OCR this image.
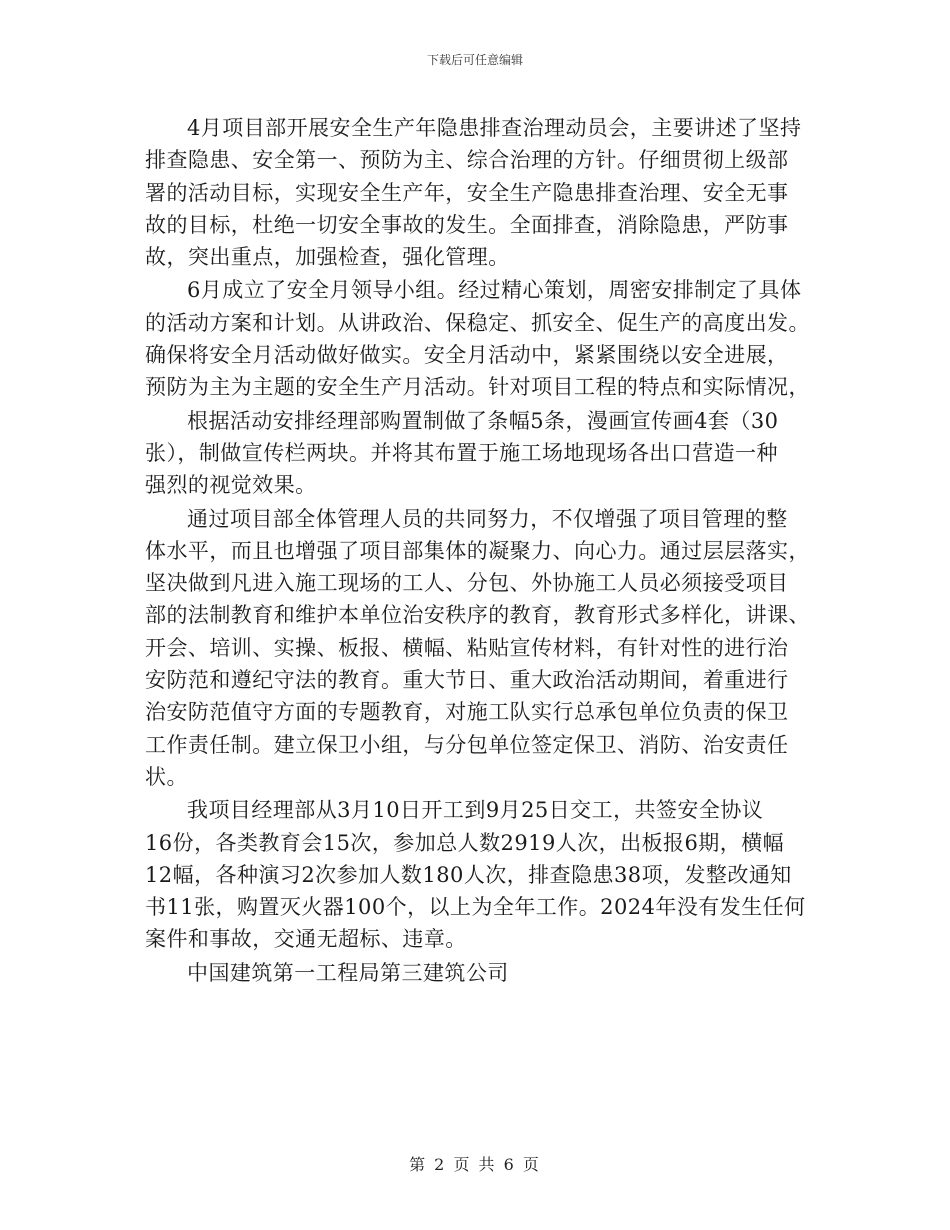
下载后可任意编辑

4月项目部开展安全生产年隐患排查治理动员会，主要讲述了坚持
排查隐患、安全第一、预防为主、综合治理的方针。仔细贯彻上级部
署的活动目标，实现安全生产年，安全生产隐患排查治理、安全无事
故的目标，杜绝一切安全事故的发生。全面排查，消除隐患，严防事
故，突出重点，加强检查，强化管理。

6月成立了安全月领导小组。经过精心策划，周密安排制定了具体
的活动方案和计划。从讲政治、保稳定、抓安全、促生产的高度出发。
确保将安全月活动做好做实。安全月活动中，紧紧围绕以安全进展，
预防为主为主题的安全生产月活动。针对项目工程的特点和实际情况，

根据活动安排经理部购置制做了条幅5条，漫画宣传画4套（30
张），制做宣传栏两块。并将其布置于施工场地现场各出口营造一种
强烈的视觉效果。

通过项目部全体管理人员的共同努力，不仅增强了项目管理的整
体水平，而且也增强了项目部集体的凝聚力、向心力。通过层层落实，
坚决做到凡进入施工现场的工人、分包、外协施工人员必须接受项目
部的法制教育和维护本单位治安秩序的教育，教育形式多样化，讲课、
开会、培训、实操、板报、横幅、粘贴宣传材料，有针对性的进行治
安防范和遵纪守法的教育。重大节日、重大政治活动期间，着重进行
治安防范值守方面的专题教育，对施工队实行总承包单位负责的保卫
工作责任制。建立保卫小组，与分包单位签定保卫、消防、治安责任
状。

我项目经理部从3月10日开工到9月25日交工，共签安全协议
16份，各类教育会15次，参加总人数2919人次，出板报6期，横幅
12幅，各种演习2次参加人数180人次，排查隐患38项，发整改通知
书11张，购置灭火器100个，以上为全年工作。2024年没有发生任何
案件和事故，交通无超标、违章。

中国建筑第一工程局第三建筑公司

第 2 页 共 6 页
